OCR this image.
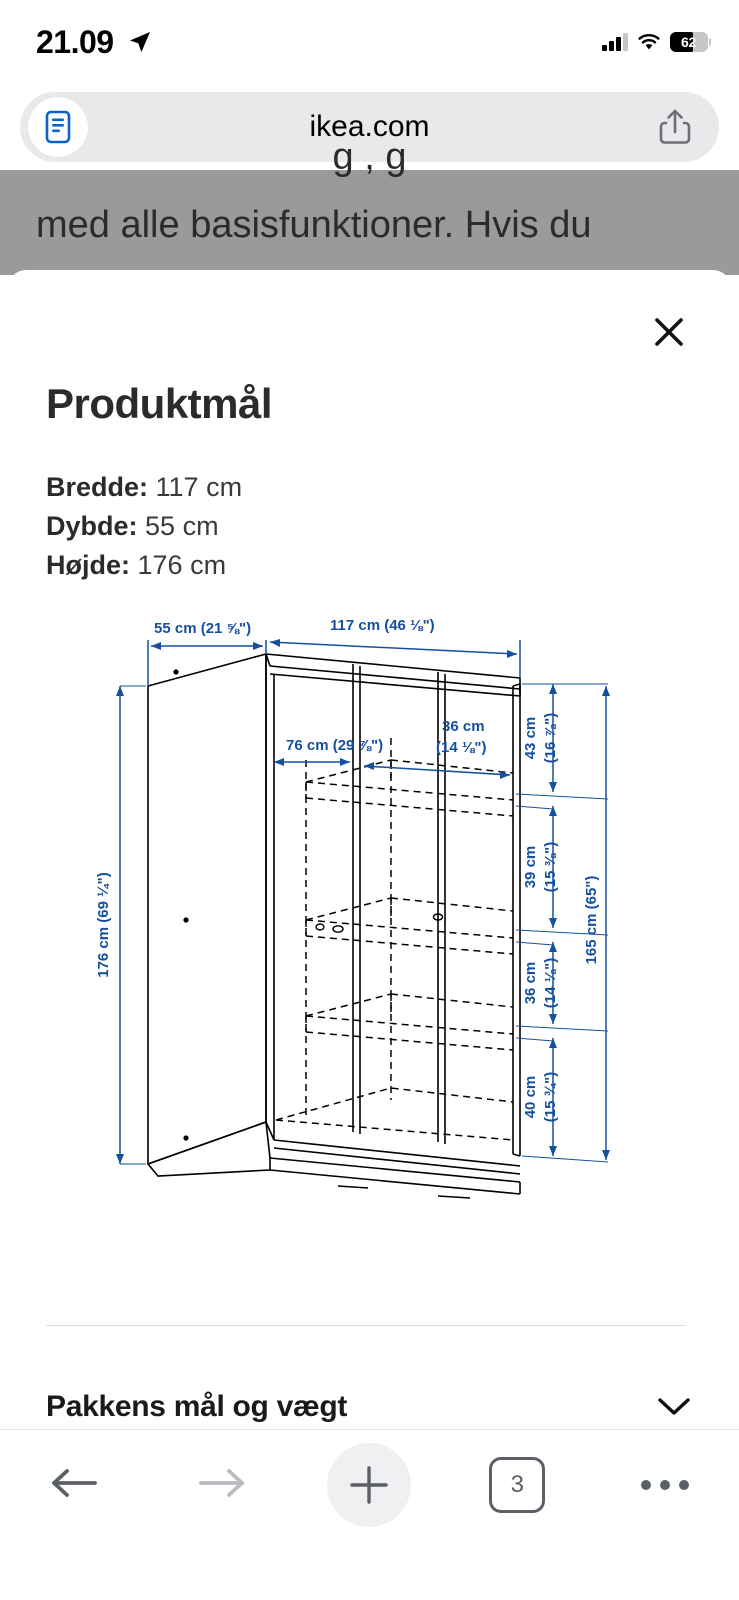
21.09	62
ikea.com
g , g
med alle basisfunktioner. Hvis du
Produktmål
Bredde: 117 cm
Dybde: 55 cm
Højde: 176 cm
55 cm (21 ⅝")	117 cm (46 ⅛")
76 cm (29 ⅞")
36 cm
(14 ⅛")
176 cm (69 ¼")
43 cm (16 ⅞")
39 cm (15 ⅜")
36 cm (14 ⅛")
40 cm (15 ¾")
165 cm (65")
Pakkens mål og vægt
3
